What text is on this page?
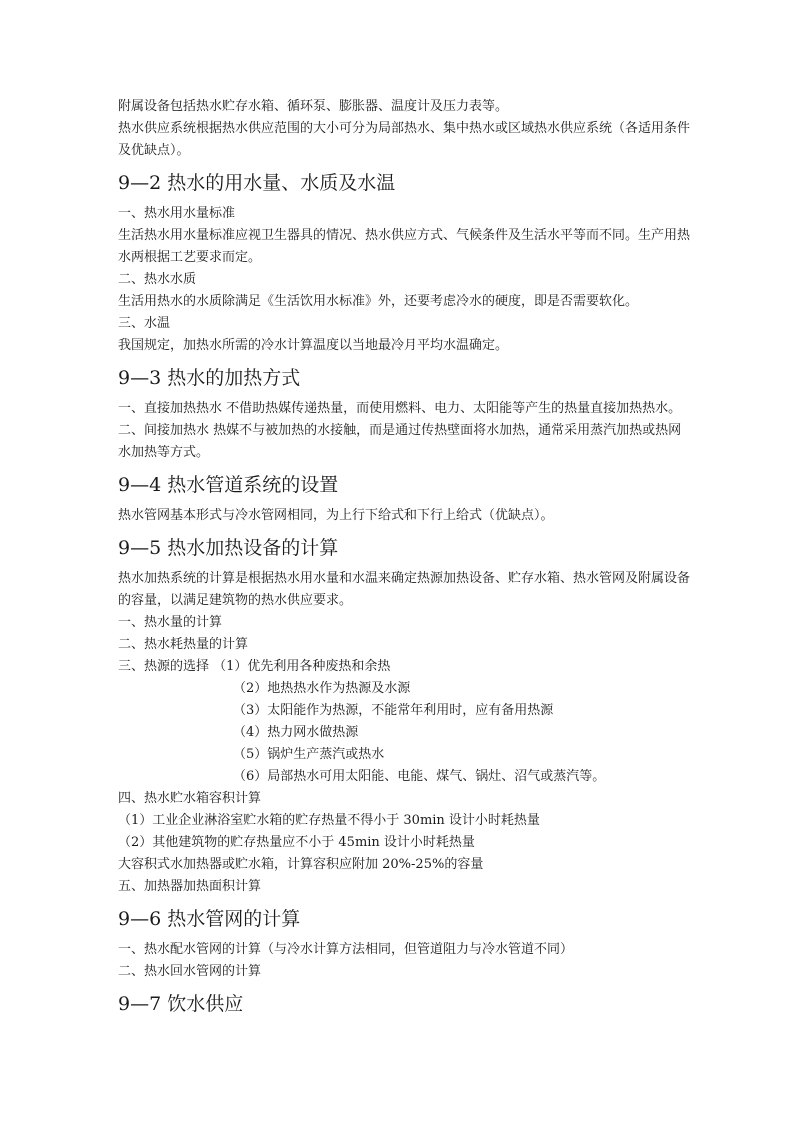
附属设备包括热水贮存水箱、循环泵、膨胀器、温度计及压力表等。

热水供应系统根据热水供应范围的大小可分为局部热水、集中热水或区域热水供应系统（各适用条件及优缺点）。

9—2 热水的用水量、水质及水温

一、热水用水量标准

生活热水用水量标准应视卫生器具的情况、热水供应方式、气候条件及生活水平等而不同。生产用热水两根据工艺要求而定。

二、热水水质

生活用热水的水质除满足《生活饮用水标准》外，还要考虑冷水的硬度，即是否需要软化。

三、水温

我国规定，加热水所需的冷水计算温度以当地最冷月平均水温确定。

9—3 热水的加热方式

一、直接加热热水 不借助热媒传递热量，而使用燃料、电力、太阳能等产生的热量直接加热热水。

二、间接加热水 热媒不与被加热的水接触，而是通过传热壁面将水加热，通常采用蒸汽加热或热网水加热等方式。

9—4 热水管道系统的设置

热水管网基本形式与冷水管网相同，为上行下给式和下行上给式（优缺点）。

9—5 热水加热设备的计算

热水加热系统的计算是根据热水用水量和水温来确定热源加热设备、贮存水箱、热水管网及附属设备的容量，以满足建筑物的热水供应要求。

一、热水量的计算

二、热水耗热量的计算

三、热源的选择 （1）优先利用各种废热和余热

（2）地热热水作为热源及水源

（3）太阳能作为热源，不能常年利用时，应有备用热源

（4）热力网水做热源

（5）锅炉生产蒸汽或热水

（6）局部热水可用太阳能、电能、煤气、锅灶、沼气或蒸汽等。

四、热水贮水箱容积计算

（1）工业企业淋浴室贮水箱的贮存热量不得小于 30min 设计小时耗热量

（2）其他建筑物的贮存热量应不小于 45min 设计小时耗热量

大容积式水加热器或贮水箱，计算容积应附加 20%-25%的容量

五、加热器加热面积计算

9—6 热水管网的计算

一、热水配水管网的计算（与冷水计算方法相同，但管道阻力与冷水管道不同）

二、热水回水管网的计算

9—7 饮水供应
